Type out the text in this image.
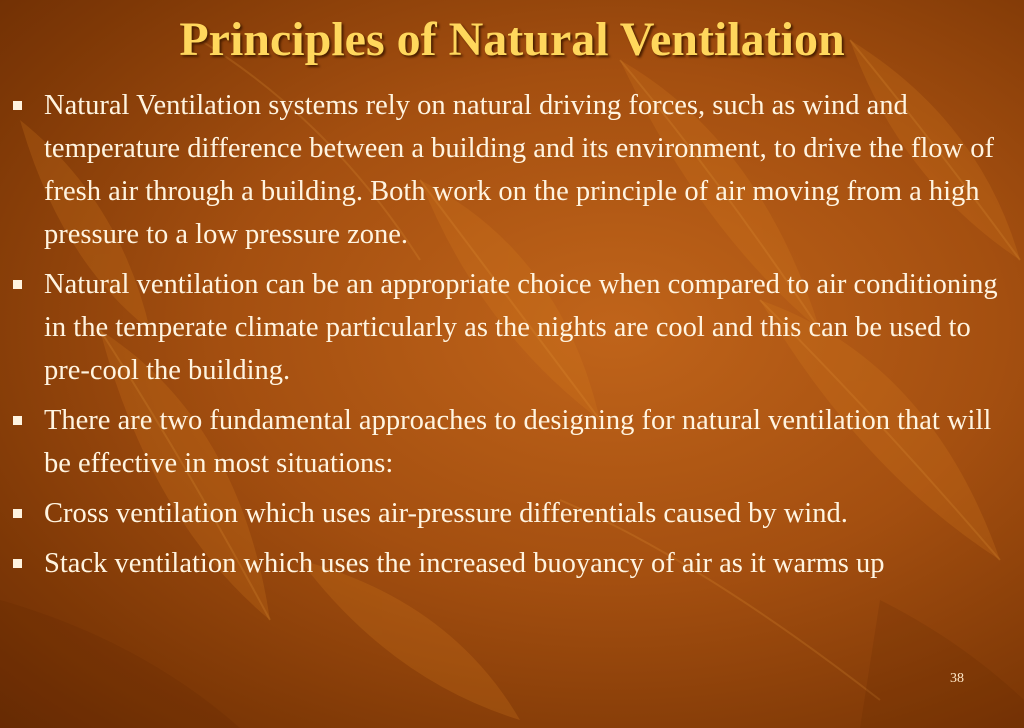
Principles of Natural Ventilation
Natural Ventilation systems rely on natural driving forces, such as wind and temperature difference between a building and its environment, to drive the flow of fresh air through a building. Both work on the principle of air moving from a high pressure to a low pressure zone.
Natural ventilation can be an appropriate choice when compared to air conditioning in the temperate climate particularly as the nights are cool and this can be used to pre-cool the building.
There are two fundamental approaches to designing for natural ventilation that will be effective in most situations:
Cross ventilation which uses air-pressure differentials caused by wind.
Stack ventilation which uses the increased buoyancy of air as it warms up
38
